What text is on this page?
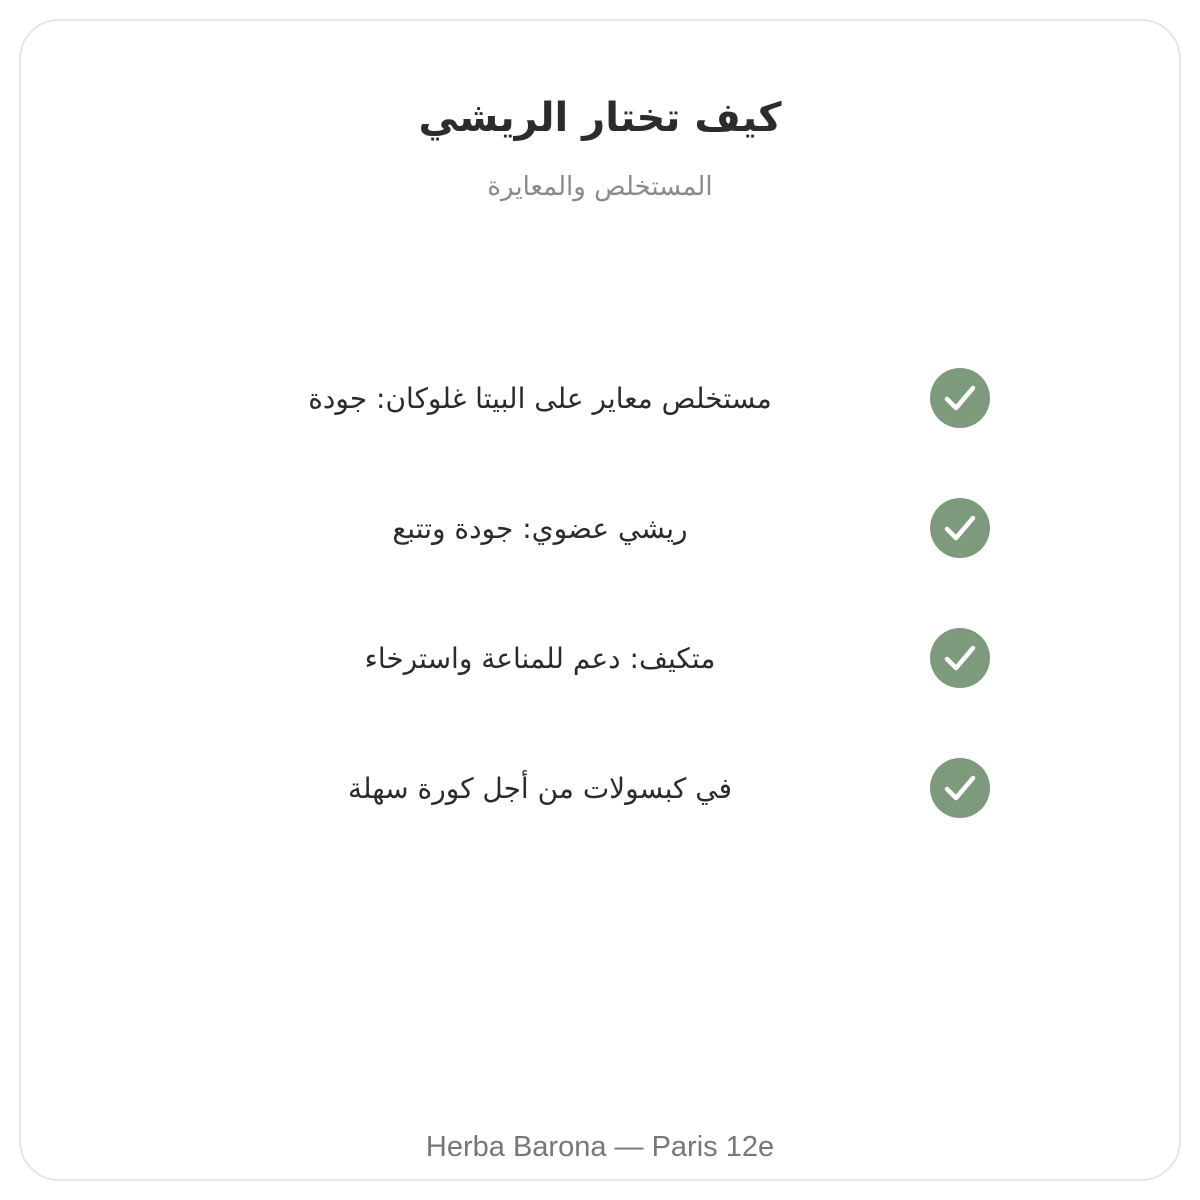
كيف تختار الريشي

المستخلص والمعايرة

مستخلص معاير على البيتا غلوكان: جودة
ريشي عضوي: جودة وتتبع
متكيف: دعم للمناعة واسترخاء
في كبسولات من أجل كورة سهلة
Herba Barona — Paris 12e
